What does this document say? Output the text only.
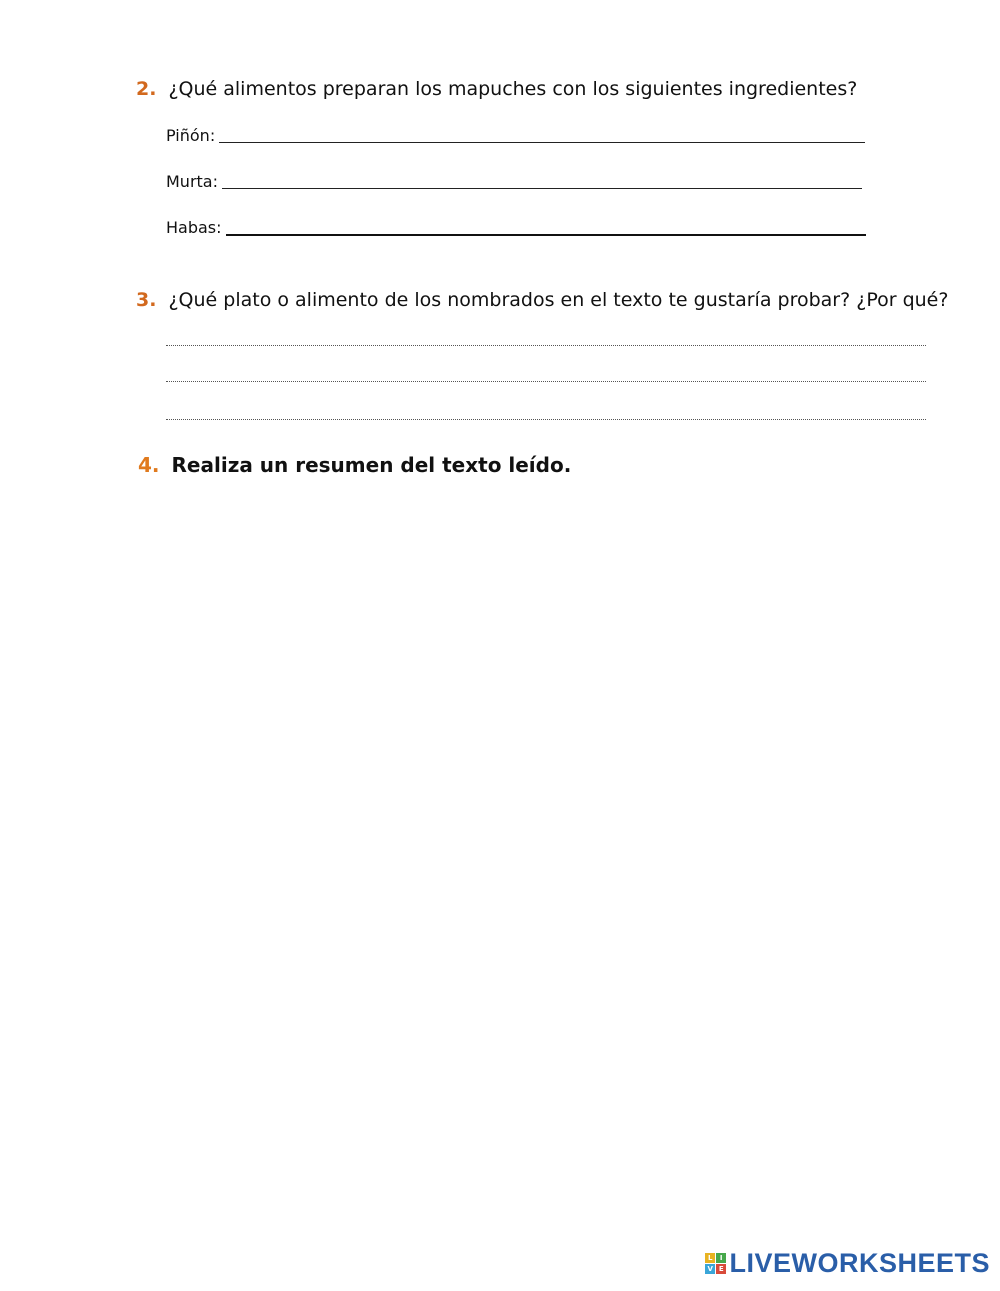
2. ¿Qué alimentos preparan los mapuches con los siguientes ingredientes?
Piñón:
Murta:
Habas:
3. ¿Qué plato o alimento de los nombrados en el texto te gustaría probar? ¿Por qué?
4. Realiza un resumen del texto leído.
L I
V E LIVEWORKSHEETS
